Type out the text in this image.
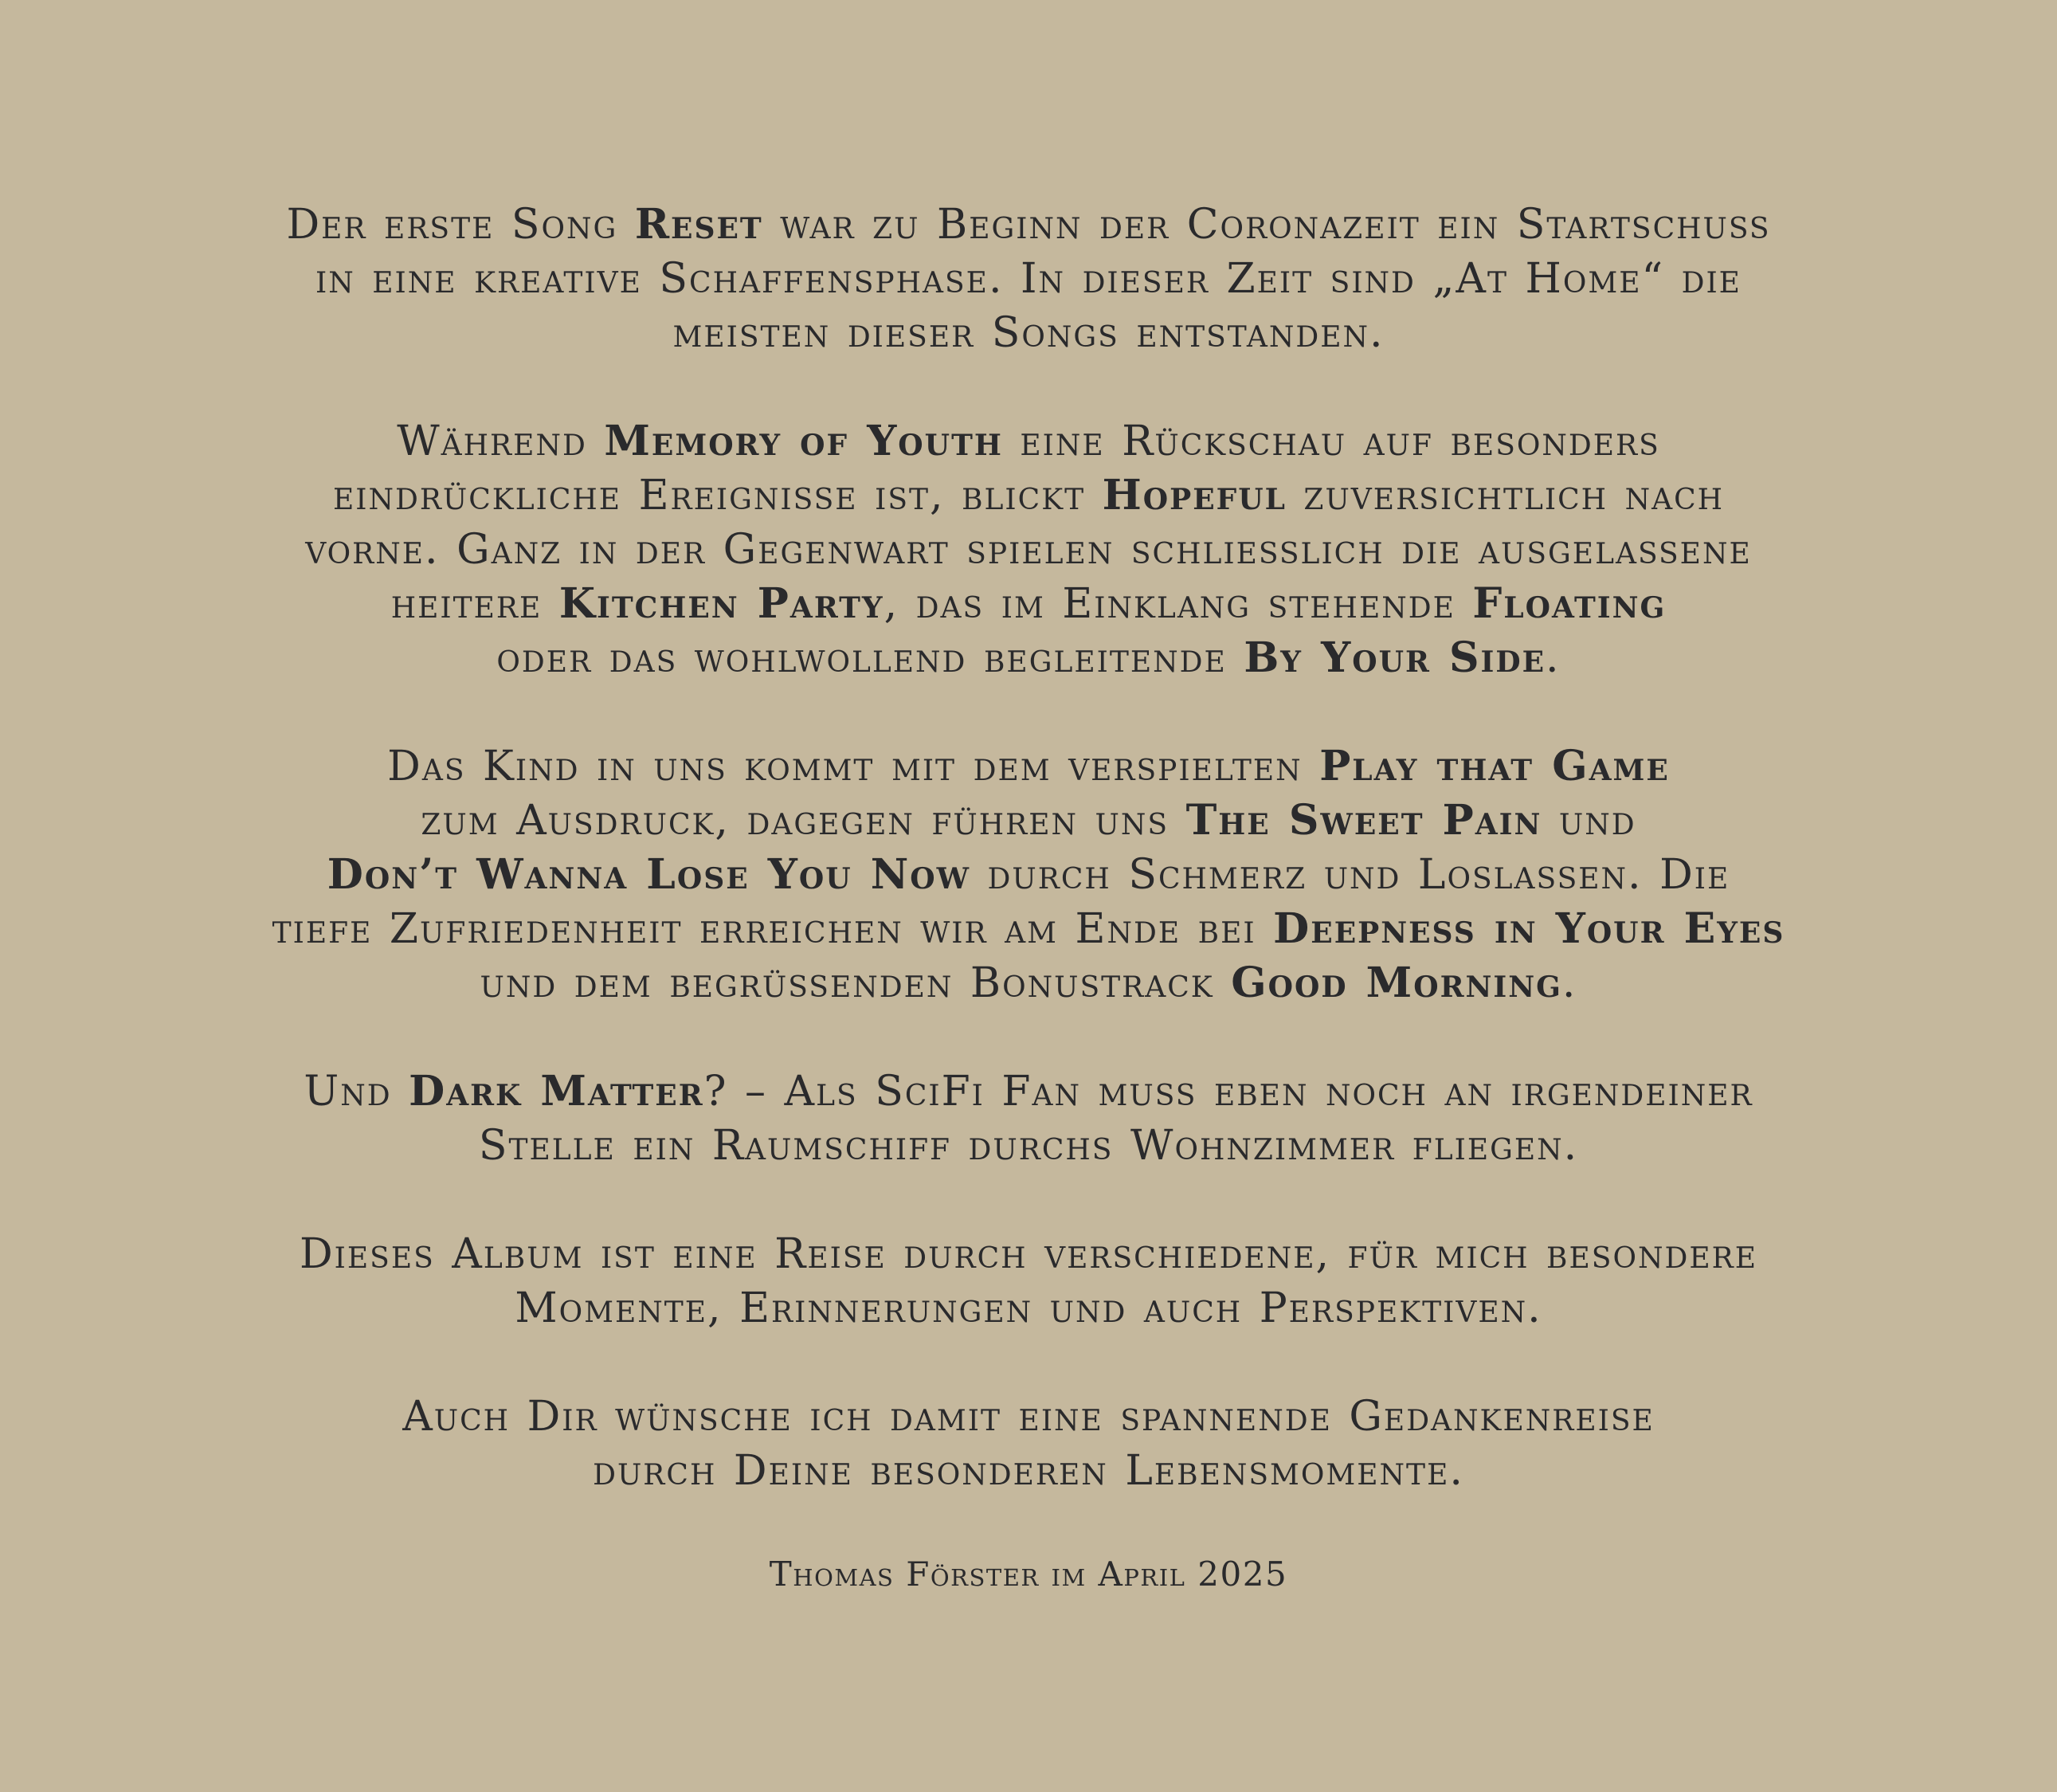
Der erste Song Reset war zu Beginn der Coronazeit ein Startschuss
in eine kreative Schaffensphase. In dieser Zeit sind „At Home“ die
meisten dieser Songs entstanden.

Während Memory of Youth eine Rückschau auf besonders
eindrückliche Ereignisse ist, blickt Hopeful zuversichtlich nach
vorne. Ganz in der Gegenwart spielen schliesslich die ausgelassene
heitere Kitchen Party, das im Einklang stehende Floating
oder das wohlwollend begleitende By Your Side.

Das Kind in uns kommt mit dem verspielten Play that Game
zum Ausdruck, dagegen führen uns The Sweet Pain und
Don’t Wanna Lose You Now durch Schmerz und Loslassen. Die
tiefe Zufriedenheit erreichen wir am Ende bei Deepness in Your Eyes
und dem begrüssenden Bonustrack Good Morning.

Und Dark Matter? – Als SciFi Fan muss eben noch an irgendeiner
Stelle ein Raumschiff durchs Wohnzimmer fliegen.

Dieses Album ist eine Reise durch verschiedene, für mich besondere
Momente, Erinnerungen und auch Perspektiven.

Auch Dir wünsche ich damit eine spannende Gedankenreise
durch Deine besonderen Lebensmomente.

Thomas Förster im April 2025
